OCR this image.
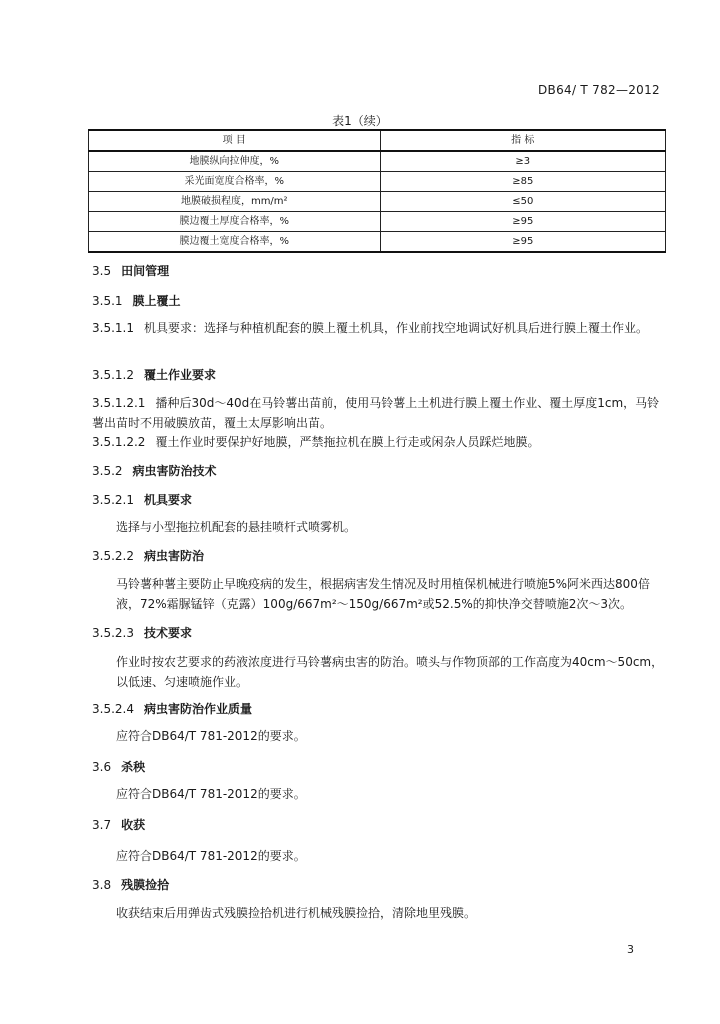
DB64/ T 782—2012
表1（续）
项 目	指 标
地膜纵向拉伸度，%	≥3
采光面宽度合格率，%	≥85
地膜破损程度，mm/m²	≤50
膜边覆土厚度合格率，%	≥95
膜边覆土宽度合格率，%	≥95
3.5 田间管理
3.5.1 膜上覆土
3.5.1.1 机具要求：选择与种植机配套的膜上覆土机具，作业前找空地调试好机具后进行膜上覆土作业。
3.5.1.2 覆土作业要求
3.5.1.2.1 播种后30d～40d在马铃薯出苗前，使用马铃薯上土机进行膜上覆土作业、覆土厚度1cm，马铃薯出苗时不用破膜放苗，覆土太厚影响出苗。
3.5.1.2.2 覆土作业时要保护好地膜，严禁拖拉机在膜上行走或闲杂人员踩烂地膜。
3.5.2 病虫害防治技术
3.5.2.1 机具要求
选择与小型拖拉机配套的悬挂喷杆式喷雾机。
3.5.2.2 病虫害防治
马铃薯种薯主要防止早晚疫病的发生，根据病害发生情况及时用植保机械进行喷施5%阿米西达800倍液，72%霜脲锰锌（克露）100g/667m²～150g/667m²或52.5%的抑快净交替喷施2次～3次。
3.5.2.3 技术要求
作业时按农艺要求的药液浓度进行马铃薯病虫害的防治。喷头与作物顶部的工作高度为40cm～50cm，以低速、匀速喷施作业。
3.5.2.4 病虫害防治作业质量
应符合DB64/T 781-2012的要求。
3.6 杀秧
应符合DB64/T 781-2012的要求。
3.7 收获
应符合DB64/T 781-2012的要求。
3.8 残膜捡拾
收获结束后用弹齿式残膜捡拾机进行机械残膜捡拾，清除地里残膜。
3
